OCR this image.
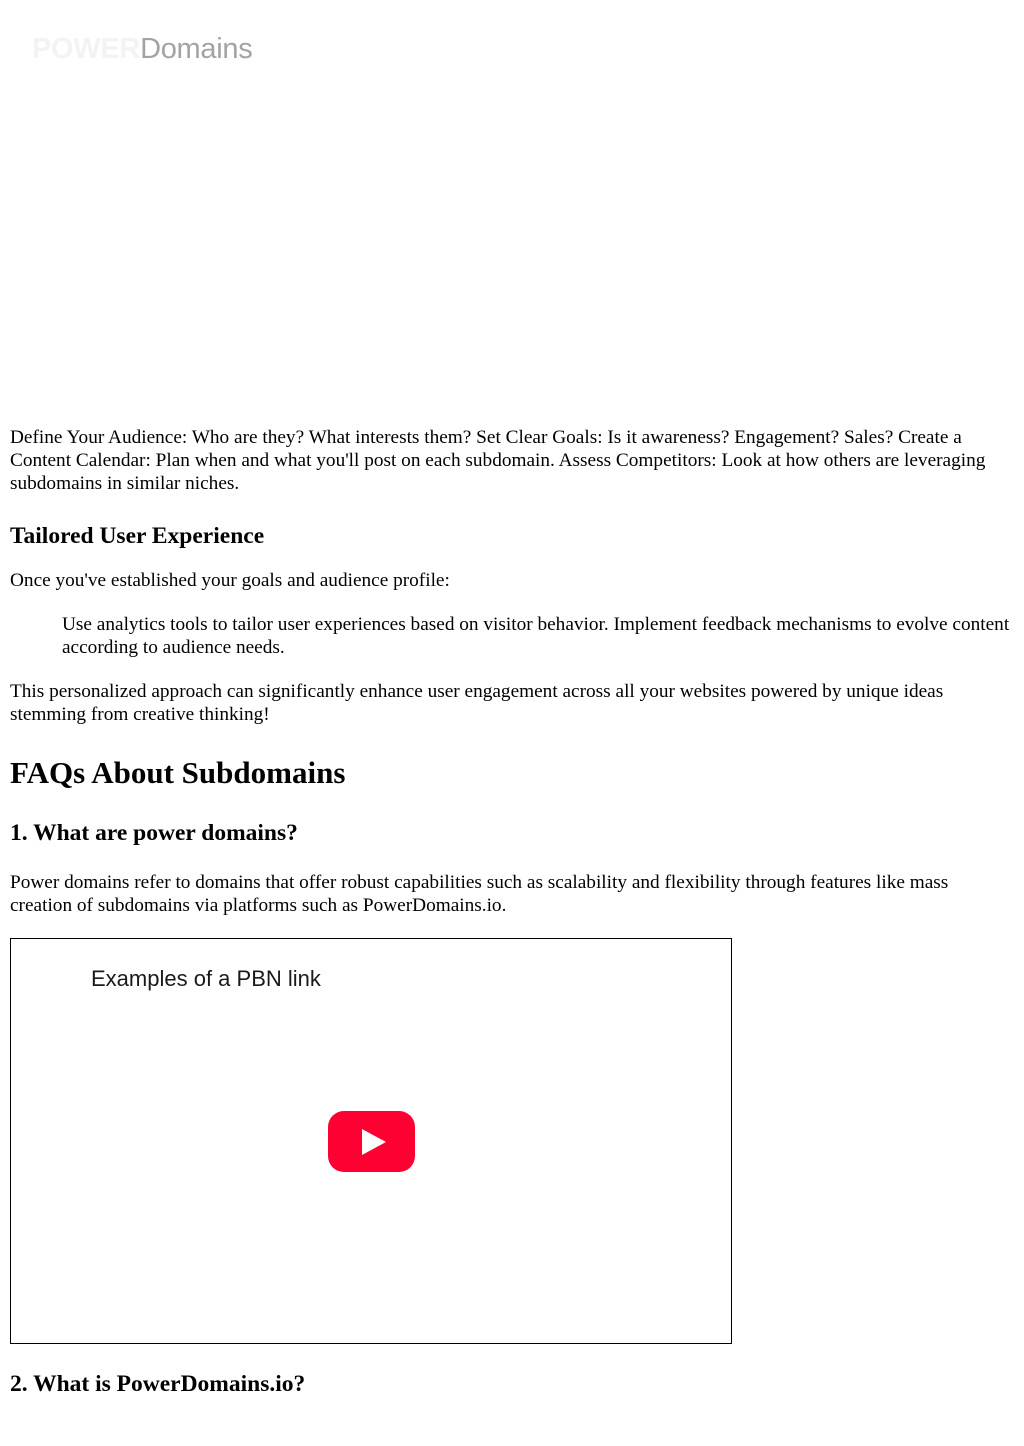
POWERDomains

Define Your Audience: Who are they? What interests them? Set Clear Goals: Is it awareness? Engagement? Sales? Create a Content Calendar: Plan when and what you'll post on each subdomain. Assess Competitors: Look at how others are leveraging subdomains in similar niches.

Tailored User Experience

Once you've established your goals and audience profile:

Use analytics tools to tailor user experiences based on visitor behavior. Implement feedback mechanisms to evolve content according to audience needs.

This personalized approach can significantly enhance user engagement across all your websites powered by unique ideas stemming from creative thinking!

FAQs About Subdomains
1. What are power domains?

Power domains refer to domains that offer robust capabilities such as scalability and flexibility through features like mass creation of subdomains via platforms such as PowerDomains.io.

Examples of a PBN link
2. What is PowerDomains.io?
